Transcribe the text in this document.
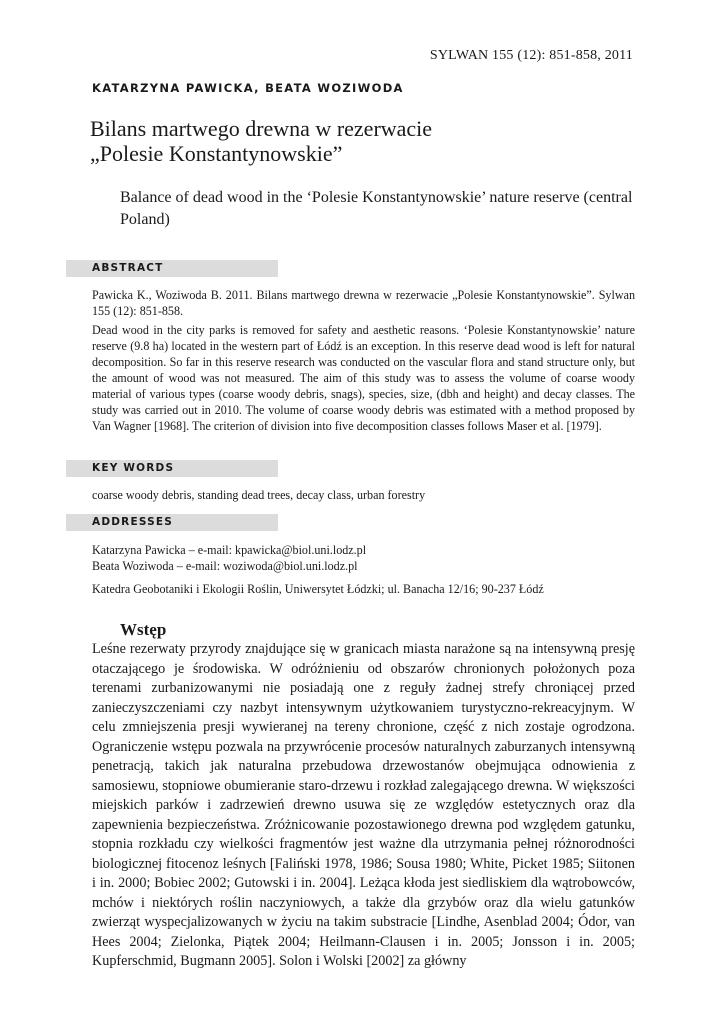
SYLWAN 155 (12): 851-858, 2011
KATARZYNA PAWICKA, BEATA WOZIWODA
Bilans martwego drewna w rezerwacie
„Polesie Konstantynowskie”
Balance of dead wood in the ‘Polesie Konstantynowskie’ nature reserve (central Poland)
ABSTRACT
Pawicka K., Woziwoda B. 2011. Bilans martwego drewna w rezerwacie „Polesie Konstantynowskie”. Sylwan 155 (12): 851-858.
Dead wood in the city parks is removed for safety and aesthetic reasons. ‘Polesie Konstantynowskie’ nature reserve (9.8 ha) located in the western part of Łódź is an exception. In this reserve dead wood is left for natural decomposition. So far in this reserve research was conducted on the vascular flora and stand structure only, but the amount of wood was not measured. The aim of this study was to assess the volume of coarse woody material of various types (coarse woody debris, snags), species, size, (dbh and height) and decay classes. The study was carried out in 2010. The volume of coarse woody debris was estimated with a method proposed by Van Wagner [1968]. The criterion of division into five decomposition classes follows Maser et al. [1979].
KEY WORDS
coarse woody debris, standing dead trees, decay class, urban forestry
ADDRESSES
Katarzyna Pawicka – e-mail: kpawicka@biol.uni.lodz.pl
Beata Woziwoda – e-mail: woziwoda@biol.uni.lodz.pl
Katedra Geobotaniki i Ekologii Roślin, Uniwersytet Łódzki; ul. Banacha 12/16; 90-237 Łódź
Wstęp
Leśne rezerwaty przyrody znajdujące się w granicach miasta narażone są na intensywną presję otaczającego je środowiska. W odróżnieniu od obszarów chronionych położonych poza terenami zurbanizowanymi nie posiadają one z reguły żadnej strefy chroniącej przed zanieczyszczeniami czy nazbyt intensywnym użytkowaniem turystyczno-rekreacyjnym. W celu zmniejszenia presji wywieranej na tereny chronione, część z nich zostaje ogrodzona. Ograniczenie wstępu pozwala na przywrócenie procesów naturalnych zaburzanych intensywną penetracją, takich jak naturalna przebudowa drzewostanów obejmująca odnowienia z samosiewu, stopniowe obumieranie staro-drzewu i rozkład zalegającego drewna. W większości miejskich parków i zadrzewień drewno usuwa się ze względów estetycznych oraz dla zapewnienia bezpieczeństwa. Zróżnicowanie pozostawionego drewna pod względem gatunku, stopnia rozkładu czy wielkości fragmentów jest ważne dla utrzymania pełnej różnorodności biologicznej fitocenoz leśnych [Faliński 1978, 1986; Sousa 1980; White, Picket 1985; Siitonen i in. 2000; Bobiec 2002; Gutowski i in. 2004]. Leżąca kłoda jest siedliskiem dla wątrobowców, mchów i niektórych roślin naczyniowych, a także dla grzybów oraz dla wielu gatunków zwierząt wyspecjalizowanych w życiu na takim substracie [Lindhe, Asenblad 2004; Ódor, van Hees 2004; Zielonka, Piątek 2004; Heilmann-Clausen i in. 2005; Jonsson i in. 2005; Kupferschmid, Bugmann 2005]. Solon i Wolski [2002] za główny
